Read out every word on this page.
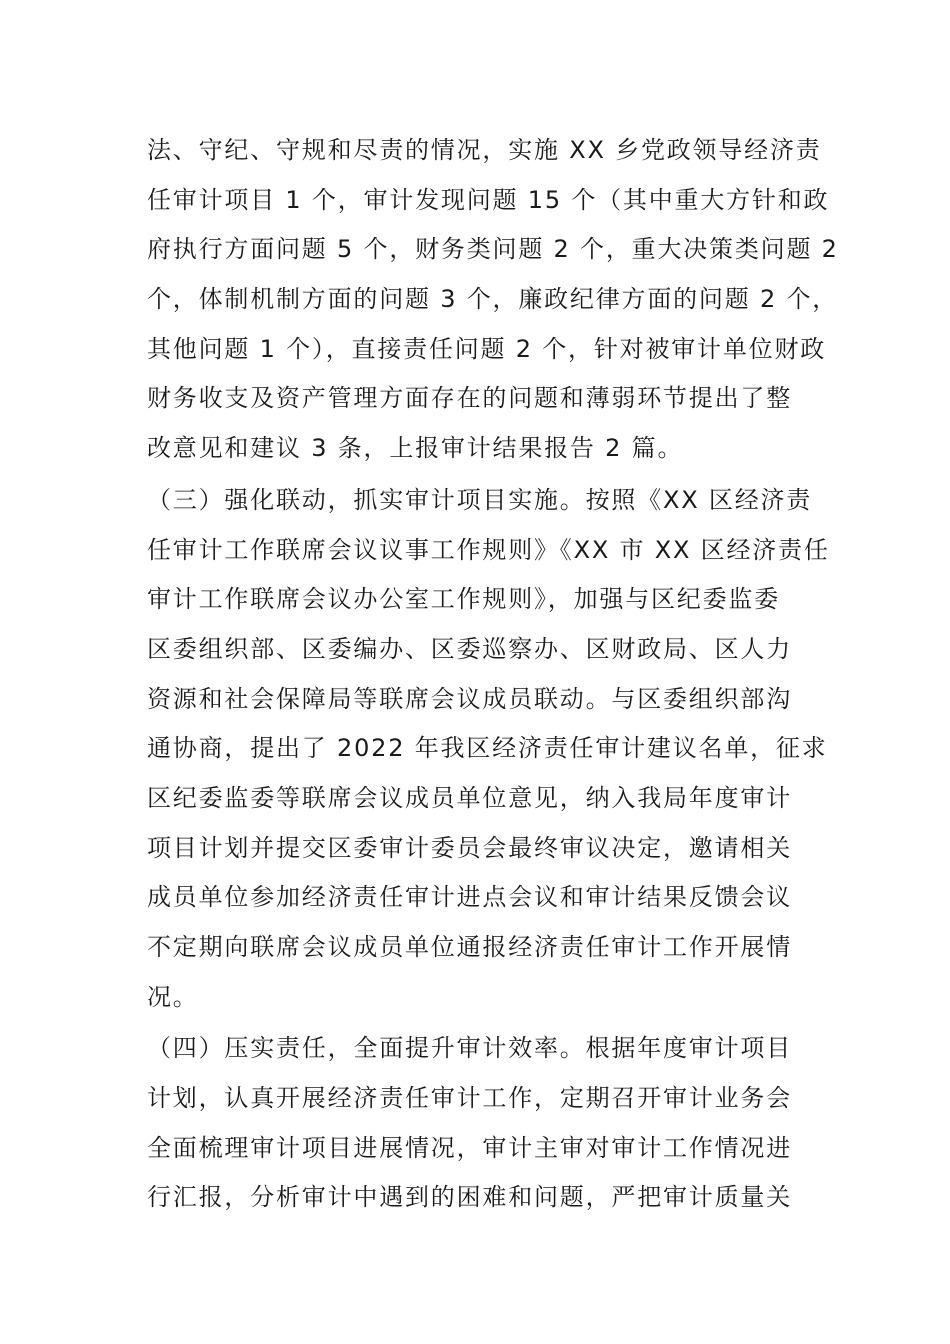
法、守纪、守规和尽责的情况，实施 XX 乡党政领导经济责
任审计项目 1 个，审计发现问题 15 个（其中重大方针和政
府执行方面问题 5 个，财务类问题 2 个，重大决策类问题 2
个，体制机制方面的问题 3 个，廉政纪律方面的问题 2 个，
其他问题 1 个），直接责任问题 2 个，针对被审计单位财政
财务收支及资产管理方面存在的问题和薄弱环节提出了整
改意见和建议 3 条，上报审计结果报告 2 篇。
（三）强化联动，抓实审计项目实施。按照《XX 区经济责
任审计工作联席会议议事工作规则》《XX 市 XX 区经济责任
审计工作联席会议办公室工作规则》，加强与区纪委监委
区委组织部、区委编办、区委巡察办、区财政局、区人力
资源和社会保障局等联席会议成员联动。与区委组织部沟
通协商，提出了 2022 年我区经济责任审计建议名单，征求
区纪委监委等联席会议成员单位意见，纳入我局年度审计
项目计划并提交区委审计委员会最终审议决定，邀请相关
成员单位参加经济责任审计进点会议和审计结果反馈会议
不定期向联席会议成员单位通报经济责任审计工作开展情
况。
（四）压实责任，全面提升审计效率。根据年度审计项目
计划，认真开展经济责任审计工作，定期召开审计业务会
全面梳理审计项目进展情况，审计主审对审计工作情况进
行汇报，分析审计中遇到的困难和问题，严把审计质量关
